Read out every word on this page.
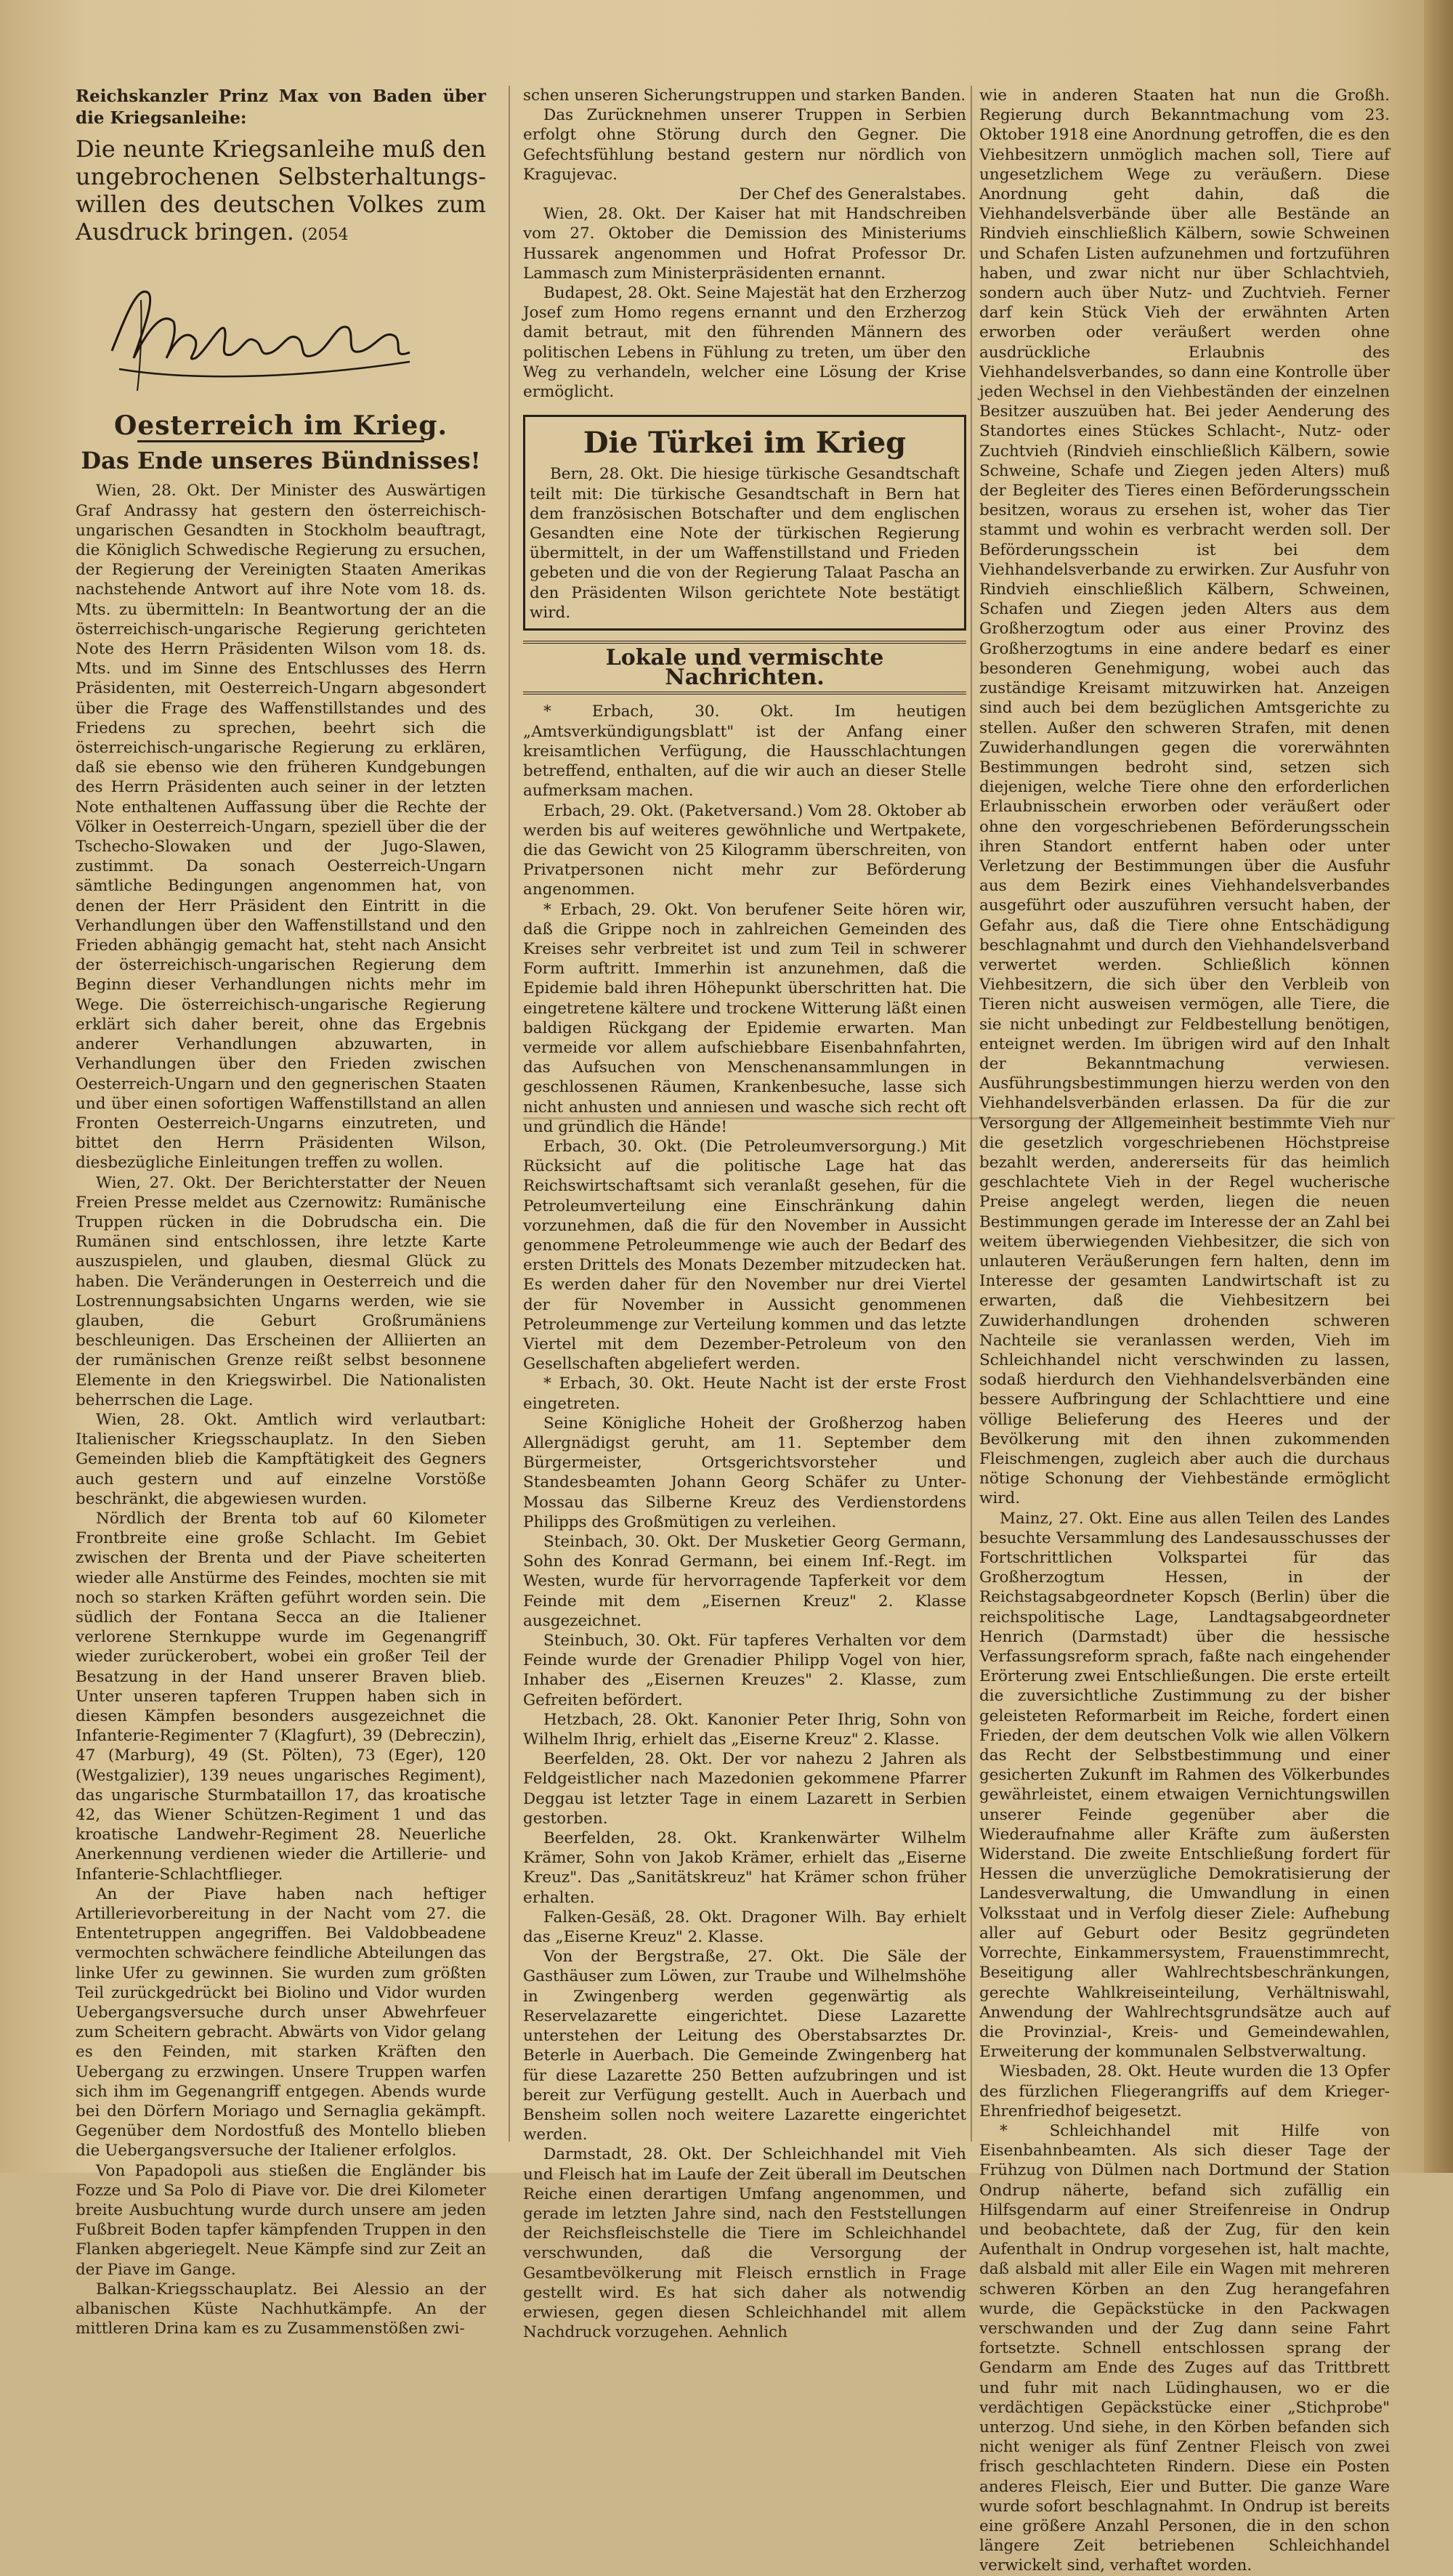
Reichskanzler Prinz Max von Baden über die Kriegsanleihe:

Die neunte Kriegsanleihe muß den ungebrochenen Selbsterhaltungs- willen des deutschen Volkes zum Ausdruck bringen. (2054

Oesterreich im Krieg.
Das Ende unseres Bündnisses!

Wien, 28. Okt. Der Minister des Auswärtigen Graf Andrassy hat gestern den österreichisch-ungarischen Gesandten in Stockholm beauftragt, die Königlich Schwedische Regierung zu ersuchen, der Regierung der Vereinigten Staaten Amerikas nachstehende Antwort auf ihre Note vom 18. ds. Mts. zu übermitteln: In Beantwortung der an die österreichisch-ungarische Regierung gerichteten Note des Herrn Präsidenten Wilson vom 18. ds. Mts. und im Sinne des Entschlusses des Herrn Präsidenten, mit Oesterreich-Ungarn abgesondert über die Frage des Waffenstillstandes und des Friedens zu sprechen, beehrt sich die österreichisch-ungarische Regierung zu erklären, daß sie ebenso wie den früheren Kundgebungen des Herrn Präsidenten auch seiner in der letzten Note enthaltenen Auffassung über die Rechte der Völker in Oesterreich-Ungarn, speziell über die der Tschecho-Slowaken und der Jugo-Slawen, zustimmt. Da sonach Oesterreich-Ungarn sämtliche Bedingungen angenommen hat, von denen der Herr Präsident den Eintritt in die Verhandlungen über den Waffenstillstand und den Frieden abhängig gemacht hat, steht nach Ansicht der österreichisch-ungarischen Regierung dem Beginn dieser Verhandlungen nichts mehr im Wege. Die österreichisch-ungarische Regierung erklärt sich daher bereit, ohne das Ergebnis anderer Verhandlungen abzuwarten, in Verhandlungen über den Frieden zwischen Oesterreich-Ungarn und den gegnerischen Staaten und über einen sofortigen Waffenstillstand an allen Fronten Oesterreich-Ungarns einzutreten, und bittet den Herrn Präsidenten Wilson, diesbezügliche Einleitungen treffen zu wollen.

Wien, 27. Okt. Der Berichterstatter der Neuen Freien Presse meldet aus Czernowitz: Rumänische Truppen rücken in die Dobrudscha ein. Die Rumänen sind entschlossen, ihre letzte Karte auszuspielen, und glauben, diesmal Glück zu haben. Die Veränderungen in Oesterreich und die Lostrennungsabsichten Ungarns werden, wie sie glauben, die Geburt Großrumäniens beschleunigen. Das Erscheinen der Alliierten an der rumänischen Grenze reißt selbst besonnene Elemente in den Kriegswirbel. Die Nationalisten beherrschen die Lage.

Wien, 28. Okt. Amtlich wird verlautbart: Italienischer Kriegsschauplatz. In den Sieben Gemeinden blieb die Kampftätigkeit des Gegners auch gestern und auf einzelne Vorstöße beschränkt, die abgewiesen wurden.

Nördlich der Brenta tob auf 60 Kilometer Frontbreite eine große Schlacht. Im Gebiet zwischen der Brenta und der Piave scheiterten wieder alle Anstürme des Feindes, mochten sie mit noch so starken Kräften geführt worden sein. Die südlich der Fontana Secca an die Italiener verlorene Sternkuppe wurde im Gegenangriff wieder zurückerobert, wobei ein großer Teil der Besatzung in der Hand unserer Braven blieb. Unter unseren tapferen Truppen haben sich in diesen Kämpfen besonders ausgezeichnet die Infanterie-Regimenter 7 (Klagfurt), 39 (Debreczin), 47 (Marburg), 49 (St. Pölten), 73 (Eger), 120 (Westgalizier), 139 neues ungarisches Regiment), das ungarische Sturmbataillon 17, das kroatische 42, das Wiener Schützen-Regiment 1 und das kroatische Landwehr-Regiment 28. Neuerliche Anerkennung verdienen wieder die Artillerie- und Infanterie-Schlachtflieger.

An der Piave haben nach heftiger Artillerievorbereitung in der Nacht vom 27. die Ententetruppen angegriffen. Bei Valdobbeadene vermochten schwächere feindliche Abteilungen das linke Ufer zu gewinnen. Sie wurden zum größten Teil zurückgedrückt bei Biolino und Vidor wurden Uebergangsversuche durch unser Abwehrfeuer zum Scheitern gebracht. Abwärts von Vidor gelang es den Feinden, mit starken Kräften den Uebergang zu erzwingen. Unsere Truppen warfen sich ihm im Gegenangriff entgegen. Abends wurde bei den Dörfern Moriago und Sernaglia gekämpft. Gegenüber dem Nordostfuß des Montello blieben die Uebergangsversuche der Italiener erfolglos.

Von Papadopoli aus stießen die Engländer bis Fozze und Sa Polo di Piave vor. Die drei Kilometer breite Ausbuchtung wurde durch unsere am jeden Fußbreit Boden tapfer kämpfenden Truppen in den Flanken abgeriegelt. Neue Kämpfe sind zur Zeit an der Piave im Gange.

Balkan-Kriegsschauplatz. Bei Alessio an der albanischen Küste Nachhutkämpfe. An der mittleren Drina kam es zu Zusammenstößen zwi-

schen unseren Sicherungstruppen und starken Banden.

Das Zurücknehmen unserer Truppen in Serbien erfolgt ohne Störung durch den Gegner. Die Gefechtsfühlung bestand gestern nur nördlich von Kragujevac.

Der Chef des Generalstabes.

Wien, 28. Okt. Der Kaiser hat mit Handschreiben vom 27. Oktober die Demission des Ministeriums Hussarek angenommen und Hofrat Professor Dr. Lammasch zum Ministerpräsidenten ernannt.

Budapest, 28. Okt. Seine Majestät hat den Erzherzog Josef zum Homo regens ernannt und den Erzherzog damit betraut, mit den führenden Männern des politischen Lebens in Fühlung zu treten, um über den Weg zu verhandeln, welcher eine Lösung der Krise ermöglicht.

Die Türkei im Krieg

Bern, 28. Okt. Die hiesige türkische Gesandtschaft teilt mit: Die türkische Gesandtschaft in Bern hat dem französischen Botschafter und dem englischen Gesandten eine Note der türkischen Regierung übermittelt, in der um Waffenstillstand und Frieden gebeten und die von der Regierung Talaat Pascha an den Präsidenten Wilson gerichtete Note bestätigt wird.

Lokale und vermischte Nachrichten.

* Erbach, 30. Okt. Im heutigen „Amtsverkündigungsblatt" ist der Anfang einer kreisamtlichen Verfügung, die Hausschlachtungen betreffend, enthalten, auf die wir auch an dieser Stelle aufmerksam machen.

Erbach, 29. Okt. (Paketversand.) Vom 28. Oktober ab werden bis auf weiteres gewöhnliche und Wertpakete, die das Gewicht von 25 Kilogramm überschreiten, von Privatpersonen nicht mehr zur Beförderung angenommen.

* Erbach, 29. Okt. Von berufener Seite hören wir, daß die Grippe noch in zahlreichen Gemeinden des Kreises sehr verbreitet ist und zum Teil in schwerer Form auftritt. Immerhin ist anzunehmen, daß die Epidemie bald ihren Höhepunkt überschritten hat. Die eingetretene kältere und trockene Witterung läßt einen baldigen Rückgang der Epidemie erwarten. Man vermeide vor allem aufschiebbare Eisenbahnfahrten, das Aufsuchen von Menschenansammlungen in geschlossenen Räumen, Krankenbesuche, lasse sich nicht anhusten und anniesen und wasche sich recht oft und gründlich die Hände!

Erbach, 30. Okt. (Die Petroleumversorgung.) Mit Rücksicht auf die politische Lage hat das Reichswirtschaftsamt sich veranlaßt gesehen, für die Petroleumverteilung eine Einschränkung dahin vorzunehmen, daß die für den November in Aussicht genommene Petroleummenge wie auch der Bedarf des ersten Drittels des Monats Dezember mitzudecken hat. Es werden daher für den November nur drei Viertel der für November in Aussicht genommenen Petroleummenge zur Verteilung kommen und das letzte Viertel mit dem Dezember-Petroleum von den Gesellschaften abgeliefert werden.

* Erbach, 30. Okt. Heute Nacht ist der erste Frost eingetreten.

Seine Königliche Hoheit der Großherzog haben Allergnädigst geruht, am 11. September dem Bürgermeister, Ortsgerichtsvorsteher und Standesbeamten Johann Georg Schäfer zu Unter-Mossau das Silberne Kreuz des Verdienstordens Philipps des Großmütigen zu verleihen.

Steinbach, 30. Okt. Der Musketier Georg Germann, Sohn des Konrad Germann, bei einem Inf.-Regt. im Westen, wurde für hervorragende Tapferkeit vor dem Feinde mit dem „Eisernen Kreuz" 2. Klasse ausgezeichnet.

Steinbuch, 30. Okt. Für tapferes Verhalten vor dem Feinde wurde der Grenadier Philipp Vogel von hier, Inhaber des „Eisernen Kreuzes" 2. Klasse, zum Gefreiten befördert.

Hetzbach, 28. Okt. Kanonier Peter Ihrig, Sohn von Wilhelm Ihrig, erhielt das „Eiserne Kreuz" 2. Klasse.

Beerfelden, 28. Okt. Der vor nahezu 2 Jahren als Feldgeistlicher nach Mazedonien gekommene Pfarrer Deggau ist letzter Tage in einem Lazarett in Serbien gestorben.

Beerfelden, 28. Okt. Krankenwärter Wilhelm Krämer, Sohn von Jakob Krämer, erhielt das „Eiserne Kreuz". Das „Sanitätskreuz" hat Krämer schon früher erhalten.

Falken-Gesäß, 28. Okt. Dragoner Wilh. Bay erhielt das „Eiserne Kreuz" 2. Klasse.

Von der Bergstraße, 27. Okt. Die Säle der Gasthäuser zum Löwen, zur Traube und Wilhelmshöhe in Zwingenberg werden gegenwärtig als Reservelazarette eingerichtet. Diese Lazarette unterstehen der Leitung des Oberstabsarztes Dr. Beterle in Auerbach. Die Gemeinde Zwingenberg hat für diese Lazarette 250 Betten aufzubringen und ist bereit zur Verfügung gestellt. Auch in Auerbach und Bensheim sollen noch weitere Lazarette eingerichtet werden.

Darmstadt, 28. Okt. Der Schleichhandel mit Vieh und Fleisch hat im Laufe der Zeit überall im Deutschen Reiche einen derartigen Umfang angenommen, und gerade im letzten Jahre sind, nach den Feststellungen der Reichsfleischstelle die Tiere im Schleichhandel verschwunden, daß die Versorgung der Gesamtbevölkerung mit Fleisch ernstlich in Frage gestellt wird. Es hat sich daher als notwendig erwiesen, gegen diesen Schleichhandel mit allem Nachdruck vorzugehen. Aehnlich

wie in anderen Staaten hat nun die Großh. Regierung durch Bekanntmachung vom 23. Oktober 1918 eine Anordnung getroffen, die es den Viehbesitzern unmöglich machen soll, Tiere auf ungesetzlichem Wege zu veräußern. Diese Anordnung geht dahin, daß die Viehhandelsverbände über alle Bestände an Rindvieh einschließlich Kälbern, sowie Schweinen und Schafen Listen aufzunehmen und fortzuführen haben, und zwar nicht nur über Schlachtvieh, sondern auch über Nutz- und Zuchtvieh. Ferner darf kein Stück Vieh der erwähnten Arten erworben oder veräußert werden ohne ausdrückliche Erlaubnis des Viehhandelsverbandes, so dann eine Kontrolle über jeden Wechsel in den Viehbeständen der einzelnen Besitzer auszuüben hat. Bei jeder Aenderung des Standortes eines Stückes Schlacht-, Nutz- oder Zuchtvieh (Rindvieh einschließlich Kälbern, sowie Schweine, Schafe und Ziegen jeden Alters) muß der Begleiter des Tieres einen Beförderungsschein besitzen, woraus zu ersehen ist, woher das Tier stammt und wohin es verbracht werden soll. Der Beförderungsschein ist bei dem Viehhandelsverbande zu erwirken. Zur Ausfuhr von Rindvieh einschließlich Kälbern, Schweinen, Schafen und Ziegen jeden Alters aus dem Großherzogtum oder aus einer Provinz des Großherzogtums in eine andere bedarf es einer besonderen Genehmigung, wobei auch das zuständige Kreisamt mitzuwirken hat. Anzeigen sind auch bei dem bezüglichen Amtsgerichte zu stellen. Außer den schweren Strafen, mit denen Zuwiderhandlungen gegen die vorerwähnten Bestimmungen bedroht sind, setzen sich diejenigen, welche Tiere ohne den erforderlichen Erlaubnisschein erworben oder veräußert oder ohne den vorgeschriebenen Beförderungsschein ihren Standort entfernt haben oder unter Verletzung der Bestimmungen über die Ausfuhr aus dem Bezirk eines Viehhandelsverbandes ausgeführt oder auszuführen versucht haben, der Gefahr aus, daß die Tiere ohne Entschädigung beschlagnahmt und durch den Viehhandelsverband verwertet werden. Schließlich können Viehbesitzern, die sich über den Verbleib von Tieren nicht ausweisen vermögen, alle Tiere, die sie nicht unbedingt zur Feldbestellung benötigen, enteignet werden. Im übrigen wird auf den Inhalt der Bekanntmachung verwiesen. Ausführungsbestimmungen hierzu werden von den Viehhandelsverbänden erlassen. Da für die zur Versorgung der Allgemeinheit bestimmte Vieh nur die gesetzlich vorgeschriebenen Höchstpreise bezahlt werden, andererseits für das heimlich geschlachtete Vieh in der Regel wucherische Preise angelegt werden, liegen die neuen Bestimmungen gerade im Interesse der an Zahl bei weitem überwiegenden Viehbesitzer, die sich von unlauteren Veräußerungen fern halten, denn im Interesse der gesamten Landwirtschaft ist zu erwarten, daß die Viehbesitzern bei Zuwiderhandlungen drohenden schweren Nachteile sie veranlassen werden, Vieh im Schleichhandel nicht verschwinden zu lassen, sodaß hierdurch den Viehhandelsverbänden eine bessere Aufbringung der Schlachttiere und eine völlige Belieferung des Heeres und der Bevölkerung mit den ihnen zukommenden Fleischmengen, zugleich aber auch die durchaus nötige Schonung der Viehbestände ermöglicht wird.

Mainz, 27. Okt. Eine aus allen Teilen des Landes besuchte Versammlung des Landesausschusses der Fortschrittlichen Volkspartei für das Großherzogtum Hessen, in der Reichstagsabgeordneter Kopsch (Berlin) über die reichspolitische Lage, Landtagsabgeordneter Henrich (Darmstadt) über die hessische Verfassungsreform sprach, faßte nach eingehender Erörterung zwei Entschließungen. Die erste erteilt die zuversichtliche Zustimmung zu der bisher geleisteten Reformarbeit im Reiche, fordert einen Frieden, der dem deutschen Volk wie allen Völkern das Recht der Selbstbestimmung und einer gesicherten Zukunft im Rahmen des Völkerbundes gewährleistet, einem etwaigen Vernichtungswillen unserer Feinde gegenüber aber die Wiederaufnahme aller Kräfte zum äußersten Widerstand. Die zweite Entschließung fordert für Hessen die unverzügliche Demokratisierung der Landesverwaltung, die Umwandlung in einen Volksstaat und in Verfolg dieser Ziele: Aufhebung aller auf Geburt oder Besitz gegründeten Vorrechte, Einkammersystem, Frauenstimmrecht, Beseitigung aller Wahlrechtsbeschränkungen, gerechte Wahlkreiseinteilung, Verhältniswahl, Anwendung der Wahlrechtsgrundsätze auch auf die Provinzial-, Kreis- und Gemeindewahlen, Erweiterung der kommunalen Selbstverwaltung.

Wiesbaden, 28. Okt. Heute wurden die 13 Opfer des fürzlichen Fliegerangriffs auf dem Krieger-Ehrenfriedhof beigesetzt.

* Schleichhandel mit Hilfe von Eisenbahnbeamten. Als sich dieser Tage der Frühzug von Dülmen nach Dortmund der Station Ondrup näherte, befand sich zufällig ein Hilfsgendarm auf einer Streifenreise in Ondrup und beobachtete, daß der Zug, für den kein Aufenthalt in Ondrup vorgesehen ist, halt machte, daß alsbald mit aller Eile ein Wagen mit mehreren schweren Körben an den Zug herangefahren wurde, die Gepäckstücke in den Packwagen verschwanden und der Zug dann seine Fahrt fortsetzte. Schnell entschlossen sprang der Gendarm am Ende des Zuges auf das Trittbrett und fuhr mit nach Lüdinghausen, wo er die verdächtigen Gepäckstücke einer „Stichprobe" unterzog. Und siehe, in den Körben befanden sich nicht weniger als fünf Zentner Fleisch von zwei frisch geschlachteten Rindern. Diese ein Posten anderes Fleisch, Eier und Butter. Die ganze Ware wurde sofort beschlagnahmt. In Ondrup ist bereits eine größere Anzahl Personen, die in den schon längere Zeit betriebenen Schleichhandel verwickelt sind, verhaftet worden.
